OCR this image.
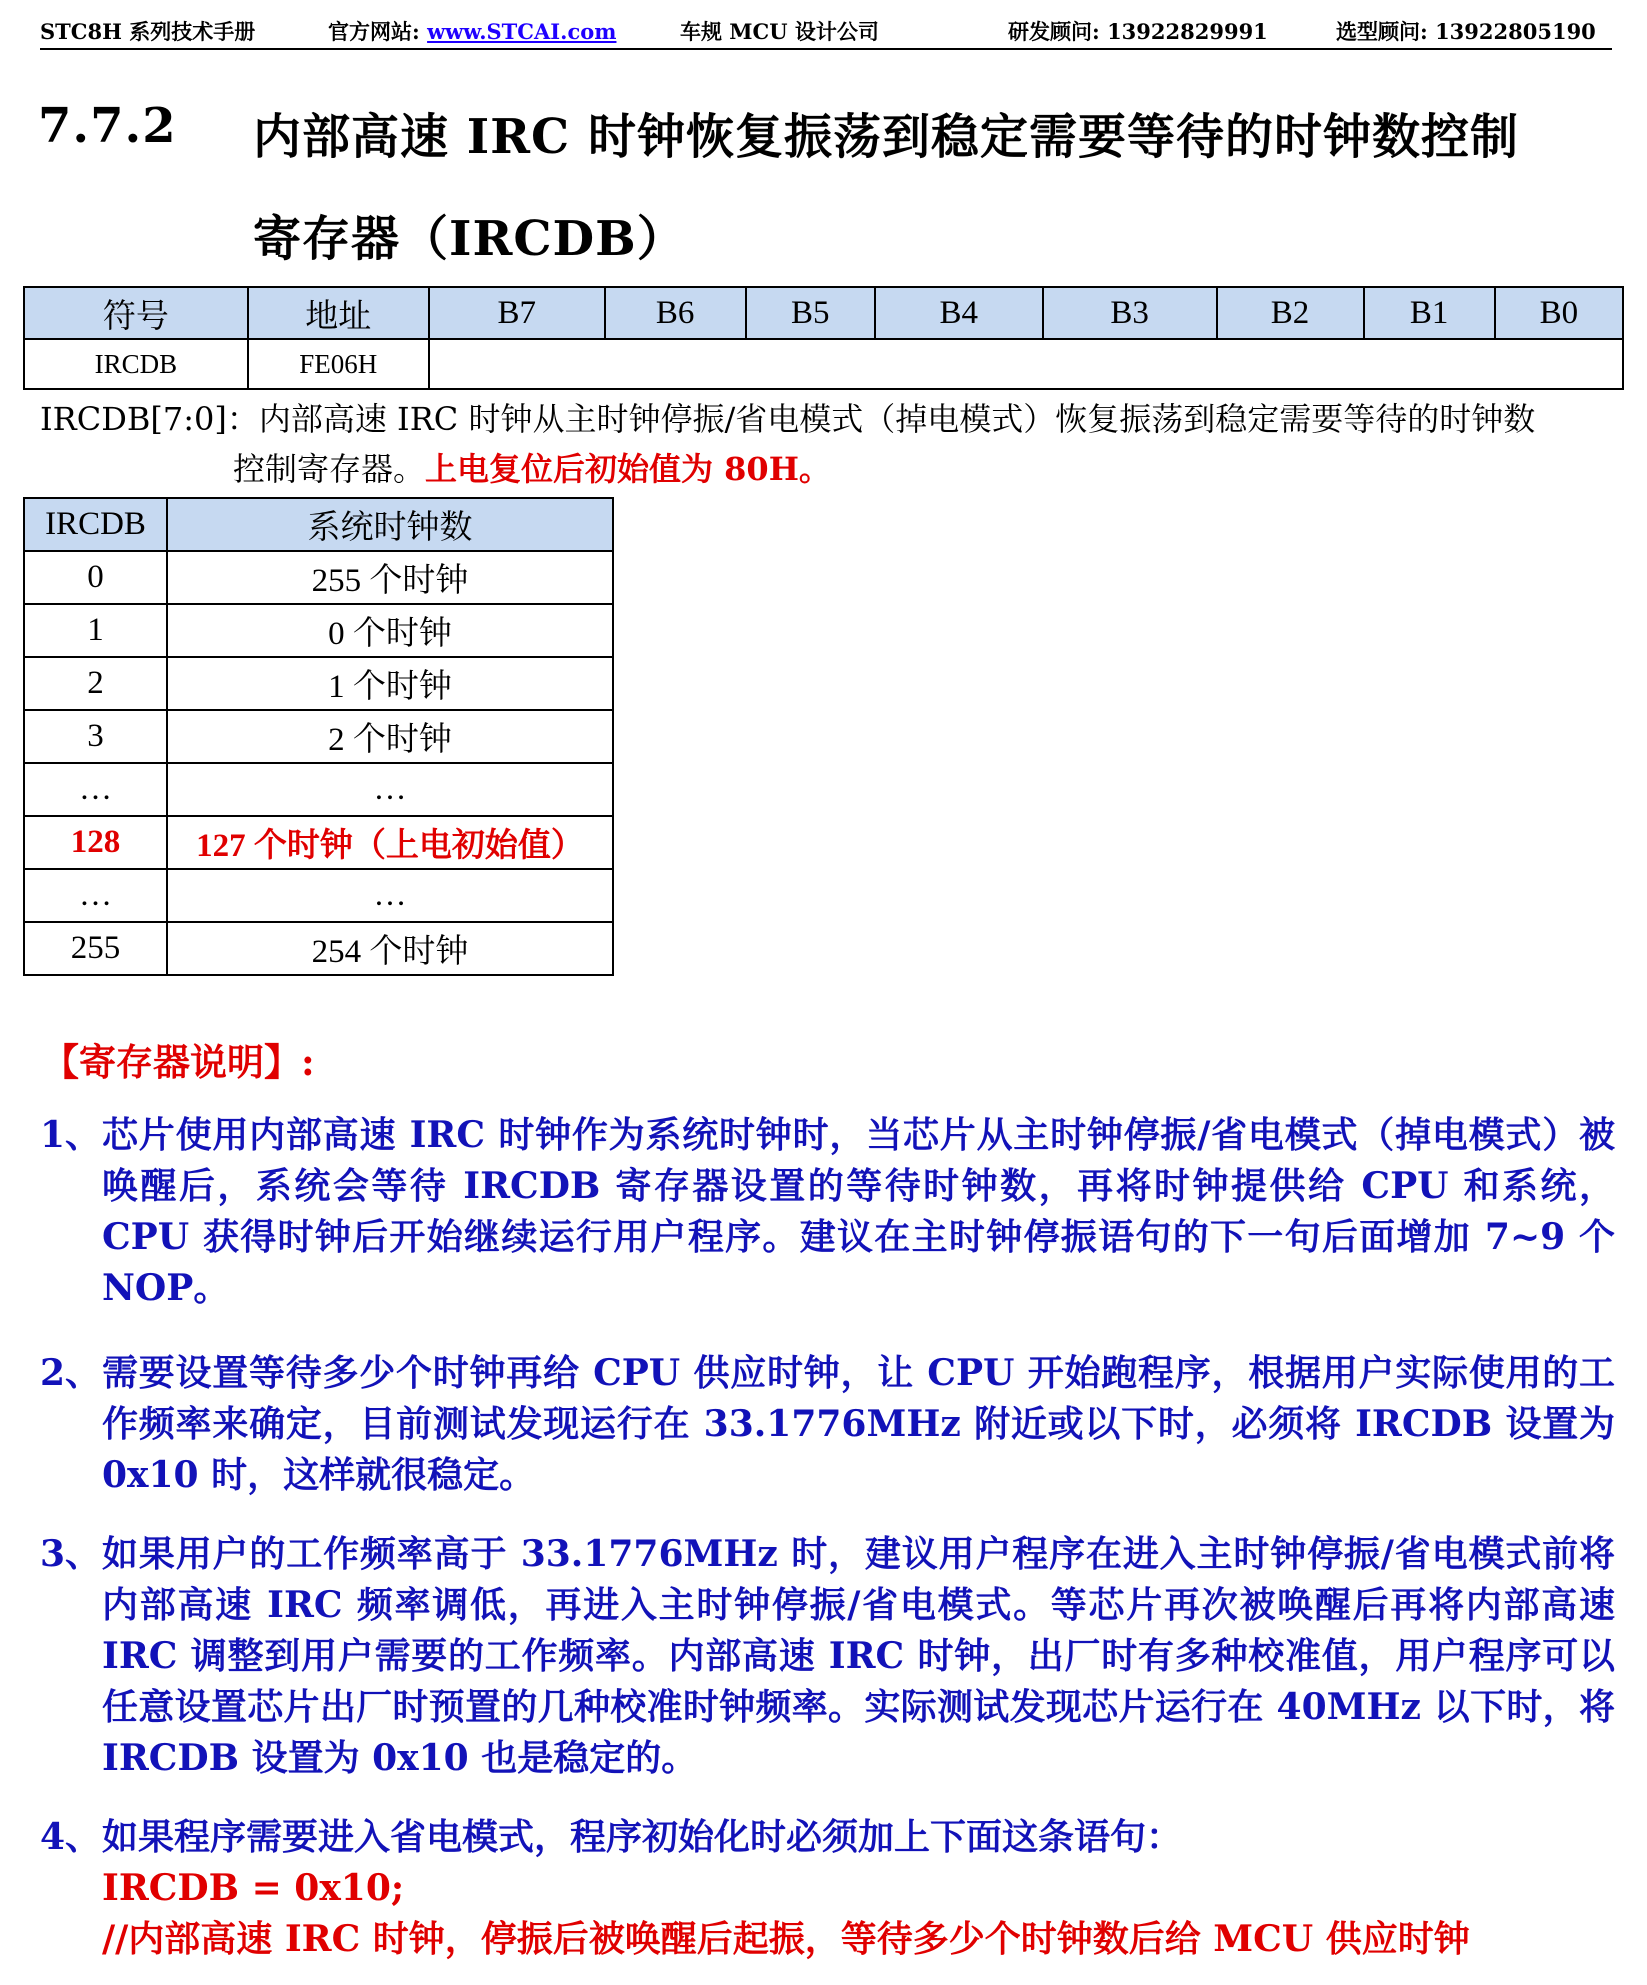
STC8H 系列技术手册	官方网站: www.STCAI.com	车规 MCU 设计公司	研发顾问: 13922829991	选型顾问: 13922805190
7.7.2 内部高速 IRC 时钟恢复振荡到稳定需要等待的时钟数控制
寄存器（IRCDB）
符号	地址	B7	B6	B5	B4	B3	B2	B1	B0
IRCDB	FE06H								
IRCDB[7:0]：内部高速 IRC 时钟从主时钟停振/省电模式（掉电模式）恢复振荡到稳定需要等待的时钟数
控制寄存器。上电复位后初始值为 80H。
IRCDB	系统时钟数
0	255 个时钟
1	0 个时钟
2	1 个时钟
3	2 个时钟
…	…
128	127 个时钟（上电初始值）
…	…
255	254 个时钟
【寄存器说明】:
1、 芯片使用内部高速 IRC 时钟作为系统时钟时，当芯片从主时钟停振/省电模式（掉电模式）被唤醒后，系统会等待 IRCDB 寄存器设置的等待时钟数，再将时钟提供给 CPU 和系统，CPU 获得时钟后开始继续运行用户程序。建议在主时钟停振语句的下一句后面增加 7~9 个 NOP。
2、 需要设置等待多少个时钟再给 CPU 供应时钟，让 CPU 开始跑程序，根据用户实际使用的工作频率来确定，目前测试发现运行在 33.1776MHz 附近或以下时，必须将 IRCDB 设置为 0x10 时，这样就很稳定。
3、 如果用户的工作频率高于 33.1776MHz 时，建议用户程序在进入主时钟停振/省电模式前将内部高速 IRC 频率调低，再进入主时钟停振/省电模式。等芯片再次被唤醒后再将内部高速 IRC 调整到用户需要的工作频率。内部高速 IRC 时钟，出厂时有多种校准值，用户程序可以任意设置芯片出厂时预置的几种校准时钟频率。实际测试发现芯片运行在 40MHz 以下时，将 IRCDB 设置为 0x10 也是稳定的。
4、 如果程序需要进入省电模式，程序初始化时必须加上下面这条语句：
IRCDB = 0x10;
//内部高速 IRC 时钟，停振后被唤醒后起振，等待多少个时钟数后给 MCU 供应时钟
